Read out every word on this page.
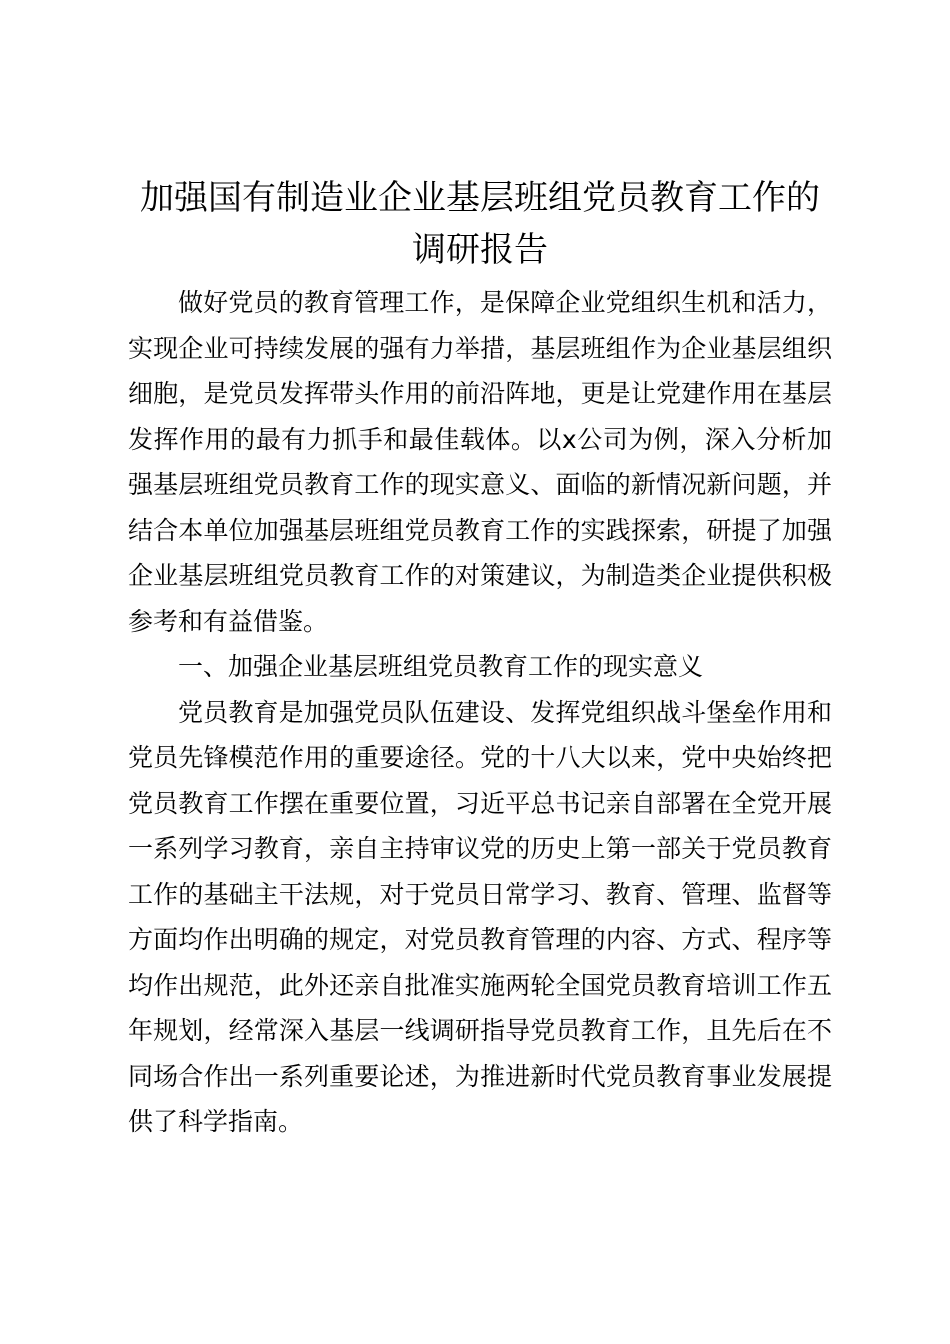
加强国有制造业企业基层班组党员教育工作的
调研报告

做好党员的教育管理工作，是保障企业党组织生机和活力，实现企业可持续发展的强有力举措，基层班组作为企业基层组织细胞，是党员发挥带头作用的前沿阵地，更是让党建作用在基层发挥作用的最有力抓手和最佳载体。以x公司为例，深入分析加强基层班组党员教育工作的现实意义、面临的新情况新问题，并结合本单位加强基层班组党员教育工作的实践探索，研提了加强企业基层班组党员教育工作的对策建议，为制造类企业提供积极参考和有益借鉴。

一、加强企业基层班组党员教育工作的现实意义

党员教育是加强党员队伍建设、发挥党组织战斗堡垒作用和党员先锋模范作用的重要途径。党的十八大以来，党中央始终把党员教育工作摆在重要位置，习近平总书记亲自部署在全党开展一系列学习教育，亲自主持审议党的历史上第一部关于党员教育工作的基础主干法规，对于党员日常学习、教育、管理、监督等方面均作出明确的规定，对党员教育管理的内容、方式、程序等均作出规范，此外还亲自批准实施两轮全国党员教育培训工作五年规划，经常深入基层一线调研指导党员教育工作，且先后在不同场合作出一系列重要论述，为推进新时代党员教育事业发展提供了科学指南。
